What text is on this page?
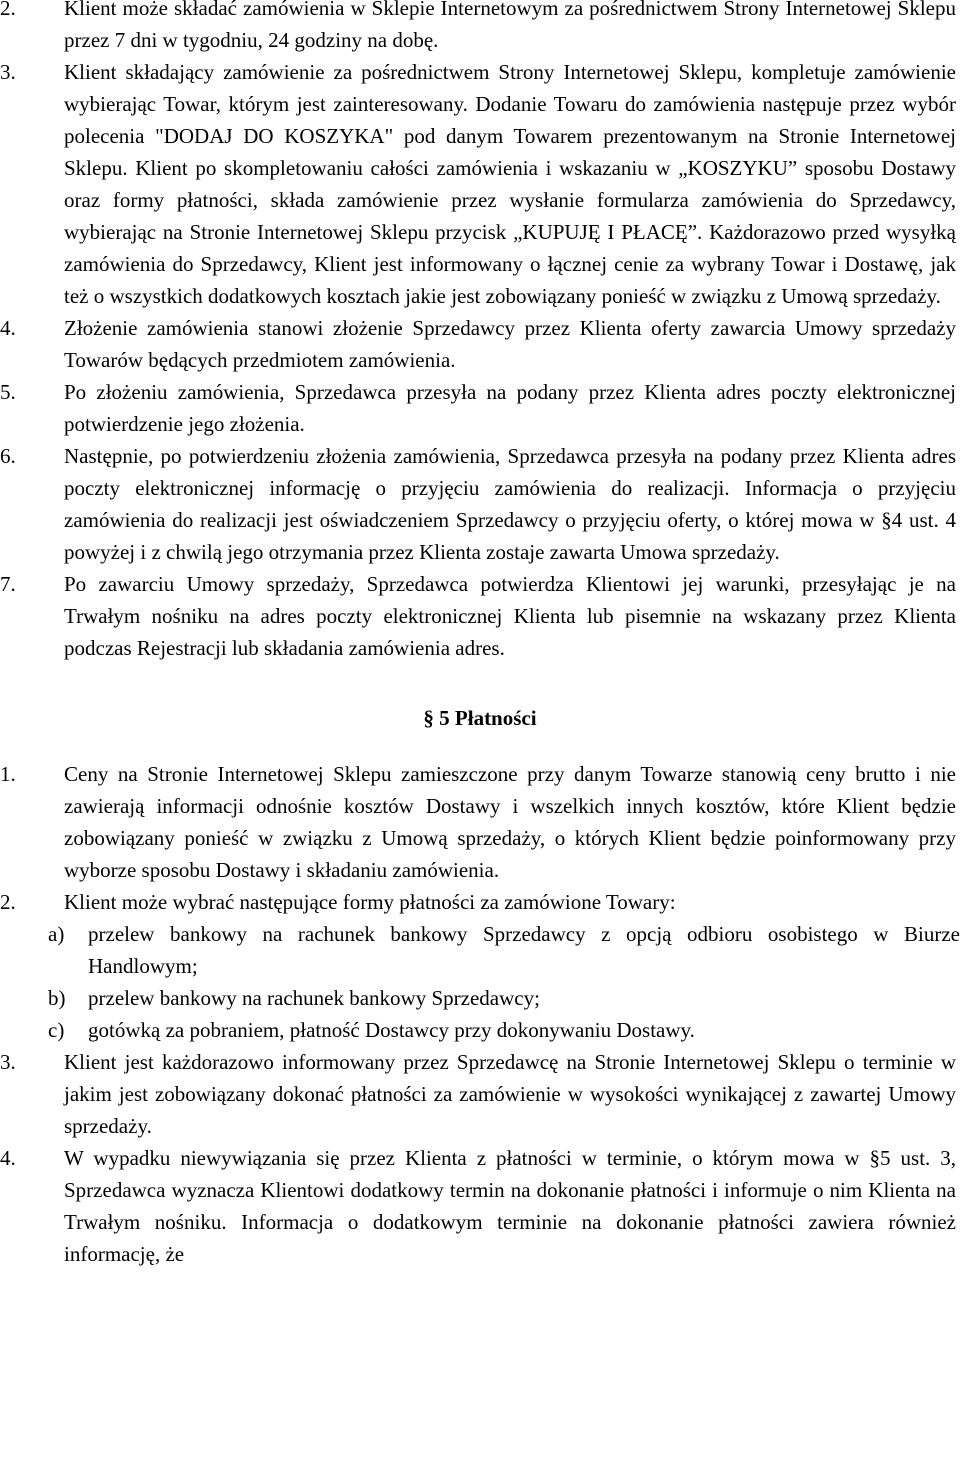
2. Klient może składać zamówienia w Sklepie Internetowym za pośrednictwem Strony Internetowej Sklepu przez 7 dni w tygodniu, 24 godziny na dobę.
3. Klient składający zamówienie za pośrednictwem Strony Internetowej Sklepu, kompletuje zamówienie wybierając Towar, którym jest zainteresowany. Dodanie Towaru do zamówienia następuje przez wybór polecenia "DODAJ DO KOSZYKA" pod danym Towarem prezentowanym na Stronie Internetowej Sklepu. Klient po skompletowaniu całości zamówienia i wskazaniu w „KOSZYKU” sposobu Dostawy oraz formy płatności, składa zamówienie przez wysłanie formularza zamówienia do Sprzedawcy, wybierając na Stronie Internetowej Sklepu przycisk „KUPUJĘ I PŁACĘ”. Każdorazowo przed wysyłką zamówienia do Sprzedawcy, Klient jest informowany o łącznej cenie za wybrany Towar i Dostawę, jak też o wszystkich dodatkowych kosztach jakie jest zobowiązany ponieść w związku z Umową sprzedaży.
4. Złożenie zamówienia stanowi złożenie Sprzedawcy przez Klienta oferty zawarcia Umowy sprzedaży Towarów będących przedmiotem zamówienia.
5. Po złożeniu zamówienia, Sprzedawca przesyła na podany przez Klienta adres poczty elektronicznej potwierdzenie jego złożenia.
6. Następnie, po potwierdzeniu złożenia zamówienia, Sprzedawca przesyła na podany przez Klienta adres poczty elektronicznej informację o przyjęciu zamówienia do realizacji. Informacja o przyjęciu zamówienia do realizacji jest oświadczeniem Sprzedawcy o przyjęciu oferty, o której mowa w §4 ust. 4 powyżej i z chwilą jego otrzymania przez Klienta zostaje zawarta Umowa sprzedaży.
7. Po zawarciu Umowy sprzedaży, Sprzedawca potwierdza Klientowi jej warunki, przesyłając je na Trwałym nośniku na adres poczty elektronicznej Klienta lub pisemnie na wskazany przez Klienta podczas Rejestracji lub składania zamówienia adres.
§ 5 Płatności
1. Ceny na Stronie Internetowej Sklepu zamieszczone przy danym Towarze stanowią ceny brutto i nie zawierają informacji odnośnie kosztów Dostawy i wszelkich innych kosztów, które Klient będzie zobowiązany ponieść w związku z Umową sprzedaży, o których Klient będzie poinformowany przy wyborze sposobu Dostawy i składaniu zamówienia.
2. Klient może wybrać następujące formy płatności za zamówione Towary:
a) przelew bankowy na rachunek bankowy Sprzedawcy z opcją odbioru osobistego w Biurze Handlowym;
b) przelew bankowy na rachunek bankowy Sprzedawcy;
c) gotówką za pobraniem, płatność Dostawcy przy dokonywaniu Dostawy.
3. Klient jest każdorazowo informowany przez Sprzedawcę na Stronie Internetowej Sklepu o terminie w jakim jest zobowiązany dokonać płatności za zamówienie w wysokości wynikającej z zawartej Umowy sprzedaży.
4. W wypadku niewywiązania się przez Klienta z płatności w terminie, o którym mowa w §5 ust. 3, Sprzedawca wyznacza Klientowi dodatkowy termin na dokonanie płatności i informuje o nim Klienta na Trwałym nośniku. Informacja o dodatkowym terminie na dokonanie płatności zawiera również informację, że
